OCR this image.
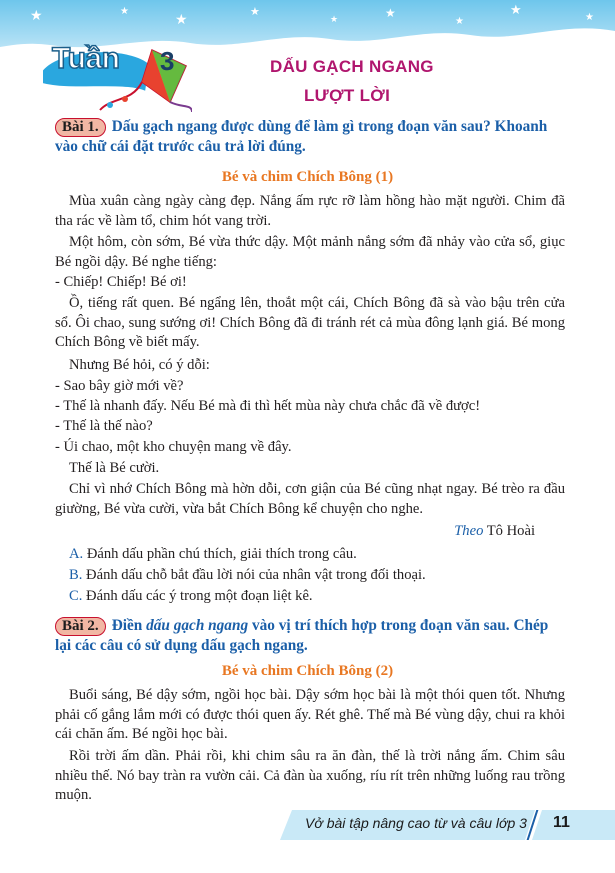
★	★
★
★
★	★
★
★
★
Tuần 3	DẤU GẠCH NGANG
LƯỢT LỜI
Bài 1. Dấu gạch ngang được dùng để làm gì trong đoạn văn sau? Khoanh
vào chữ cái đặt trước câu trả lời đúng.
Bé và chim Chích Bông (1)
Mùa xuân càng ngày càng đẹp. Nắng ấm rực rỡ làm hồng hào mặt người. Chim đã tha rác về làm tổ, chim hót vang trời.
Một hôm, còn sớm, Bé vừa thức dậy. Một mảnh nắng sớm đã nhảy vào cửa sổ, giục Bé ngồi dậy. Bé nghe tiếng:
- Chiếp! Chiếp! Bé ơi!
Ồ, tiếng rất quen. Bé ngẩng lên, thoắt một cái, Chích Bông đã sà vào bậu trên cửa sổ. Ôi chao, sung sướng ơi! Chích Bông đã đi tránh rét cả mùa đông lạnh giá. Bé mong Chích Bông về biết mấy.
Nhưng Bé hỏi, có ý dỗi:
- Sao bây giờ mới về?
- Thế là nhanh đấy. Nếu Bé mà đi thì hết mùa này chưa chắc đã về được!
- Thế là thế nào?
- Úi chao, một kho chuyện mang về đây.
Thế là Bé cười.
Chỉ vì nhớ Chích Bông mà hờn dỗi, cơn giận của Bé cũng nhạt ngay. Bé trèo ra đầu giường, Bé vừa cười, vừa bắt Chích Bông kể chuyện cho nghe.
Theo Tô Hoài
A. Đánh dấu phần chú thích, giải thích trong câu.
B. Đánh dấu chỗ bắt đầu lời nói của nhân vật trong đối thoại.
C. Đánh dấu các ý trong một đoạn liệt kê.
Bài 2. Điền dấu gạch ngang vào vị trí thích hợp trong đoạn văn sau. Chép
lại các câu có sử dụng dấu gạch ngang.
Bé và chim Chích Bông (2)
Buổi sáng, Bé dậy sớm, ngồi học bài. Dậy sớm học bài là một thói quen tốt. Nhưng phải cố gắng lắm mới có được thói quen ấy. Rét ghê. Thế mà Bé vùng dậy, chui ra khỏi cái chăn ấm. Bé ngồi học bài.
Rồi trời ấm dần. Phải rồi, khi chim sâu ra ăn đàn, thế là trời nắng ấm. Chim sâu nhiều thế. Nó bay tràn ra vườn cải. Cả đàn ùa xuống, ríu rít trên những luống rau trồng muộn.
Vở bài tập nâng cao từ và câu lớp 3 11
